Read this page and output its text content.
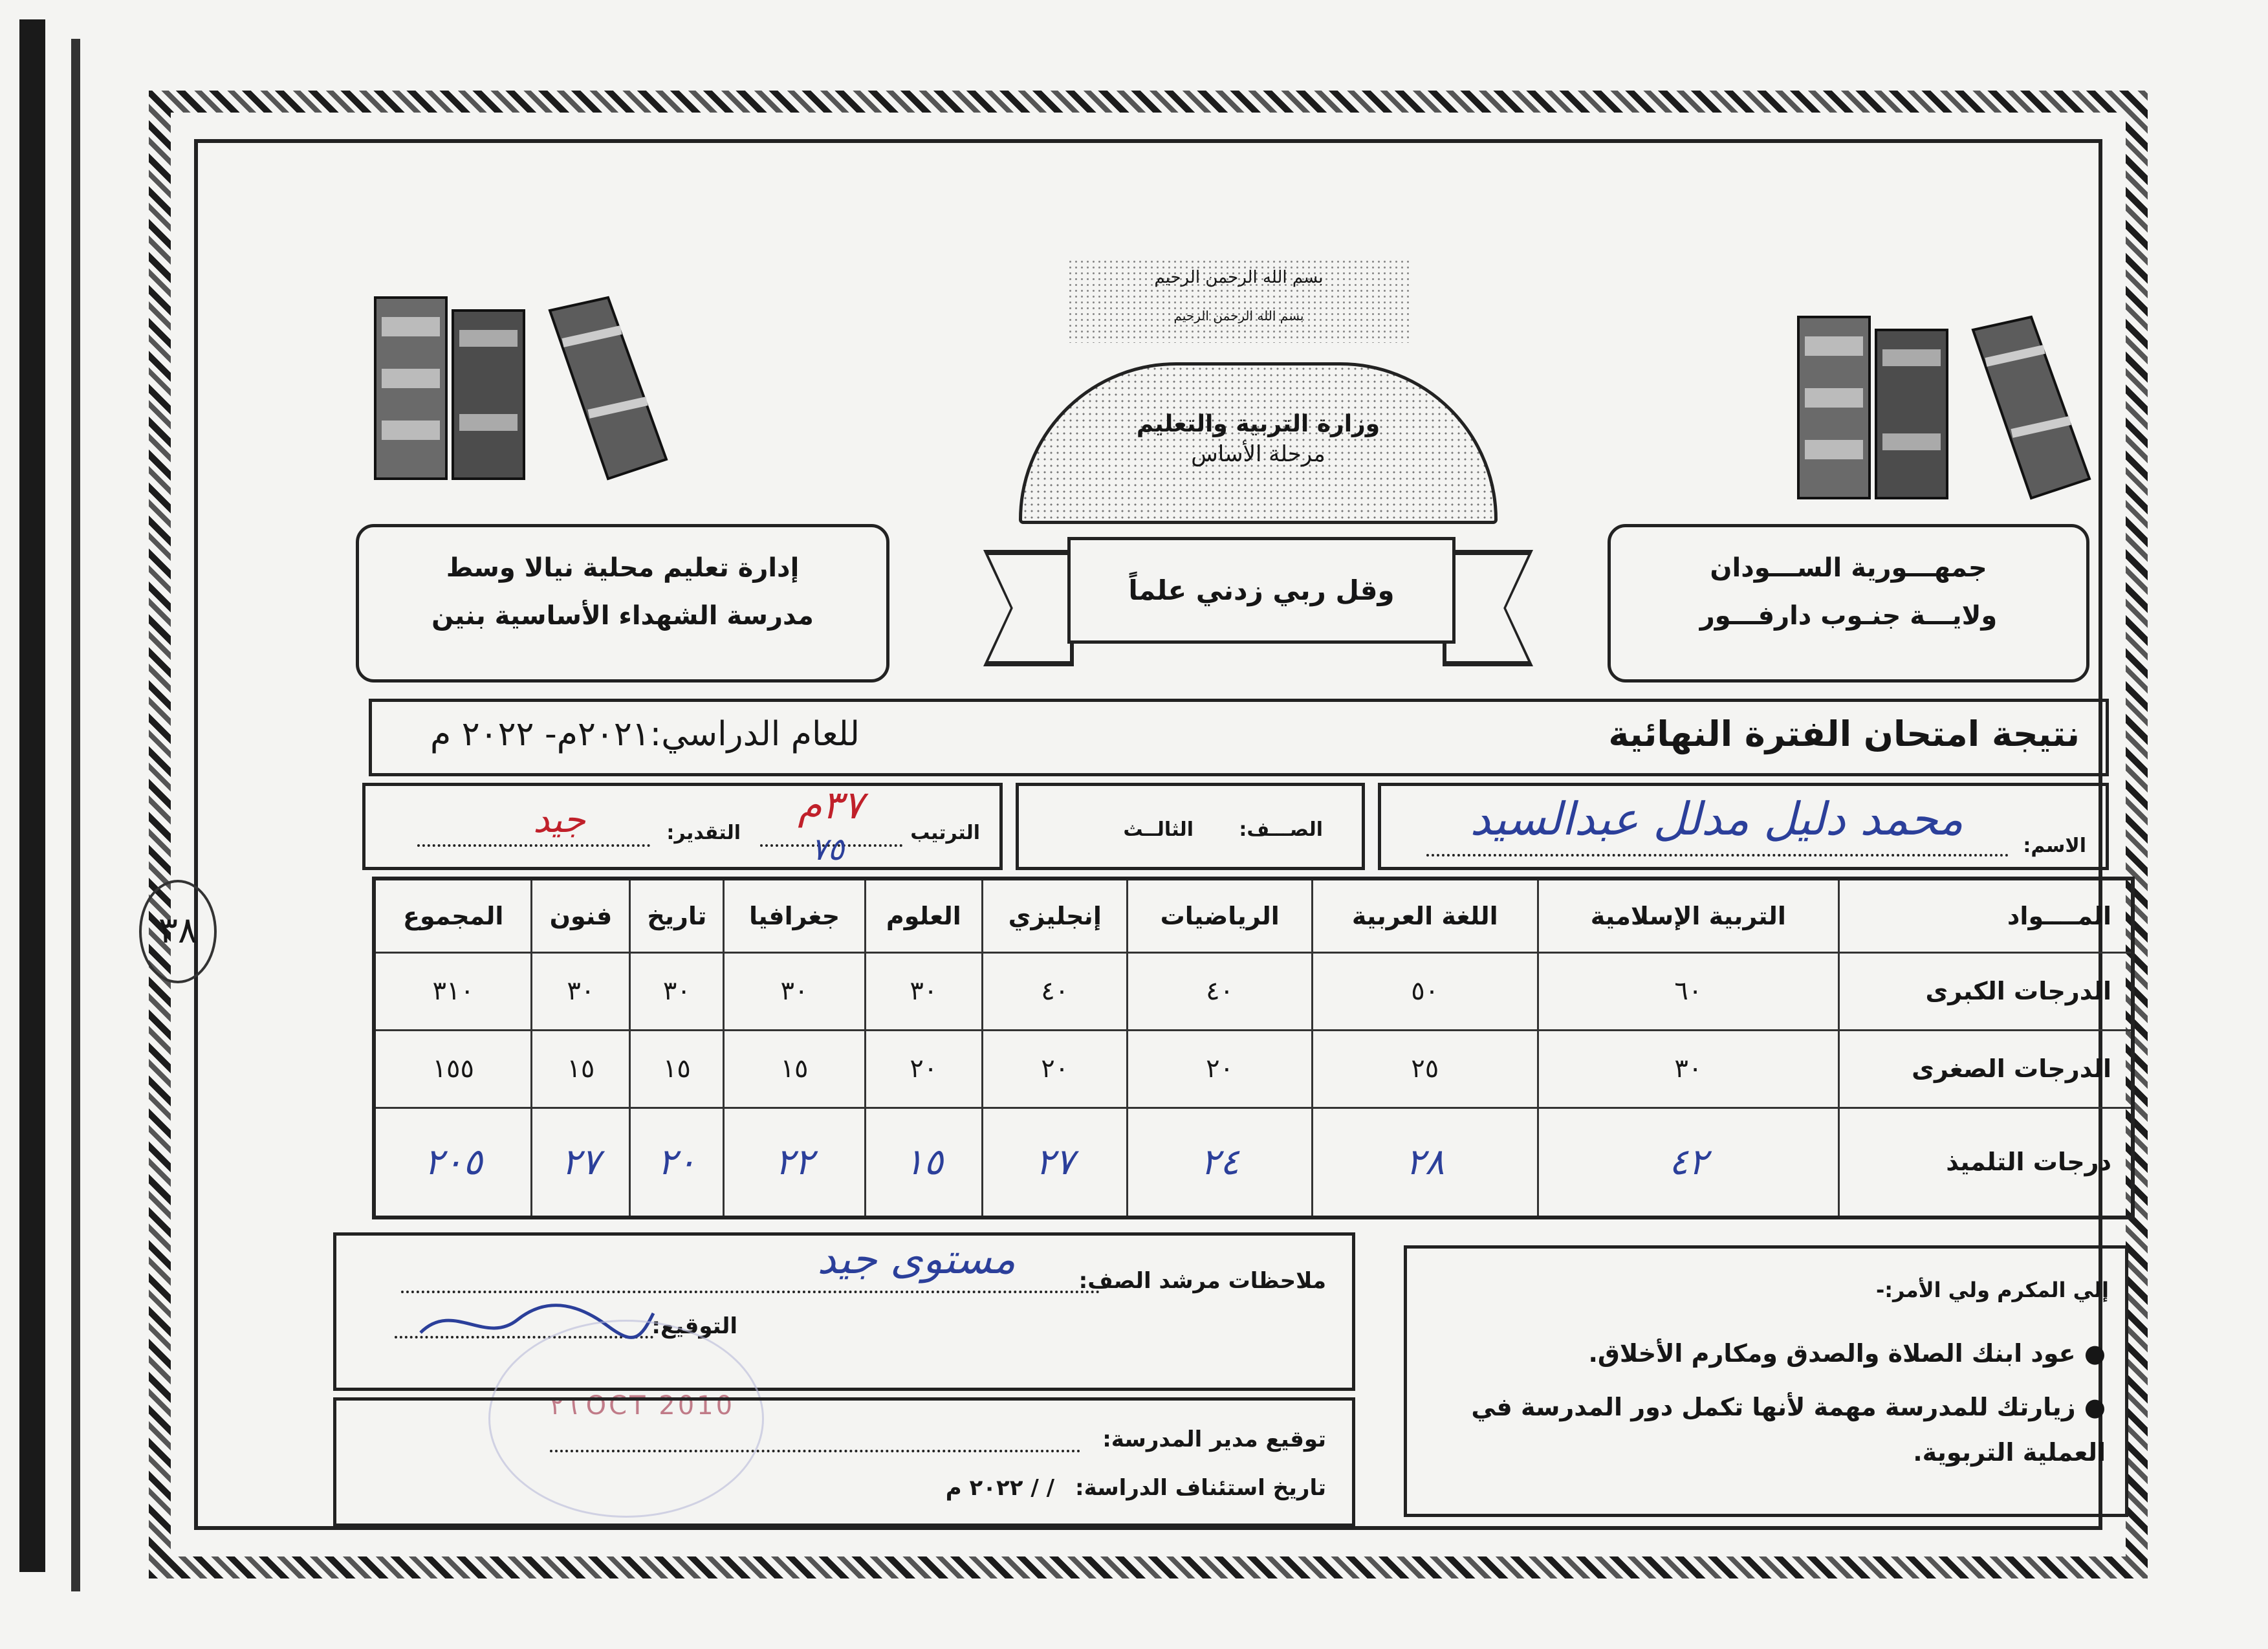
٣٨
بسم الله الرحمن الرحيم
بسم الله الرحمن الرحيم
وزارة التربية والتعليم
مرحلة الأساس
وقل ربي زدني علماً
إدارة تعليم محلية نيالا وسط
مدرسة الشهداء الأساسية بنين
جمهـــورية الســـودان
ولايـــة جنـوب دارفـــور
نتيجة امتحان الفترة النهائية
للعام الدراسي:٢٠٢١م- ٢٠٢٢ م
الاسم:
محمد دليل مدلل عبدالسيد
الصـــف:
الثالــث
الترتيب
٣٧م
٧٥
التقدير:
جيد
المــــواد	التربية الإسلامية	اللغة العربية	الرياضيات	إنجليزي	العلوم	جغرافيا	تاريخ	فنون	المجموع
الدرجات الكبرى	٦٠	٥٠	٤٠	٤٠	٣٠	٣٠	٣٠	٣٠	٣١٠
الدرجات الصغرى	٣٠	٢٥	٢٠	٢٠	٢٠	١٥	١٥	١٥	١٥٥
درجات التلميذ	٤٢	٢٨	٢٤	٢٧	١٥	٢٢	٢٠	٢٧	٢٠٥
ملاحظات مرشد الصف:
مستوى جيد
التوقيع:
٢٦ OCT 2010
توقيع مدير المدرسة:
تاريخ استئناف الدراسة:
/ / ٢٠٢٢ م
إلي المكرم ولي الأمر:-
● عود ابنك الصلاة والصدق ومكارم الأخلاق.
● زيارتك للمدرسة مهمة لأنها تكمل دور المدرسة في العملية التربوية.
